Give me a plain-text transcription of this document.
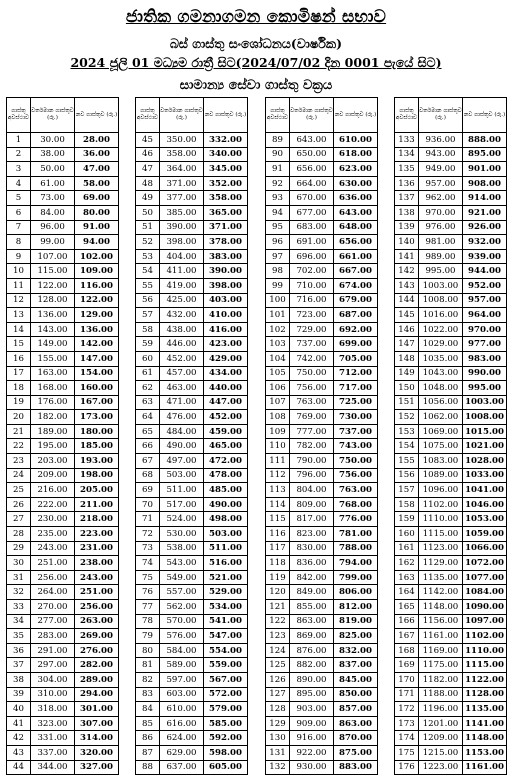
ජාතික ගමනාගමන කොමිෂන් සභාව
බස් ගාස්තු සංශෝධනය(වාර්ෂික)
2024 ජූලි 01 මධ්‍යම රාත්‍රී සිට(2024/07/02 දින 0001 පැයේ සිට)
සාමාන්‍ය සේවා ගාස්තු වක්‍රය
ගාස්තු අවස්ථාව	වර්තමාන ගාස්තුව (රු.)	නව ගාස්තුව (රු.)
1	30.00	28.00
2	38.00	36.00
3	50.00	47.00
4	61.00	58.00
5	73.00	69.00
6	84.00	80.00
7	96.00	91.00
8	99.00	94.00
9	107.00	102.00
10	115.00	109.00
11	122.00	116.00
12	128.00	122.00
13	136.00	129.00
14	143.00	136.00
15	149.00	142.00
16	155.00	147.00
17	163.00	154.00
18	168.00	160.00
19	176.00	167.00
20	182.00	173.00
21	189.00	180.00
22	195.00	185.00
23	203.00	193.00
24	209.00	198.00
25	216.00	205.00
26	222.00	211.00
27	230.00	218.00
28	235.00	223.00
29	243.00	231.00
30	251.00	238.00
31	256.00	243.00
32	264.00	251.00
33	270.00	256.00
34	277.00	263.00
35	283.00	269.00
36	291.00	276.00
37	297.00	282.00
38	304.00	289.00
39	310.00	294.00
40	318.00	301.00
41	323.00	307.00
42	331.00	314.00
43	337.00	320.00
44	344.00	327.00
ගාස්තු අවස්ථාව	වර්තමාන ගාස්තුව (රු.)	නව ගාස්තුව (රු.)
45	350.00	332.00
46	358.00	340.00
47	364.00	345.00
48	371.00	352.00
49	377.00	358.00
50	385.00	365.00
51	390.00	371.00
52	398.00	378.00
53	404.00	383.00
54	411.00	390.00
55	419.00	398.00
56	425.00	403.00
57	432.00	410.00
58	438.00	416.00
59	446.00	423.00
60	452.00	429.00
61	457.00	434.00
62	463.00	440.00
63	471.00	447.00
64	476.00	452.00
65	484.00	459.00
66	490.00	465.00
67	497.00	472.00
68	503.00	478.00
69	511.00	485.00
70	517.00	490.00
71	524.00	498.00
72	530.00	503.00
73	538.00	511.00
74	543.00	516.00
75	549.00	521.00
76	557.00	529.00
77	562.00	534.00
78	570.00	541.00
79	576.00	547.00
80	584.00	554.00
81	589.00	559.00
82	597.00	567.00
83	603.00	572.00
84	610.00	579.00
85	616.00	585.00
86	624.00	592.00
87	629.00	598.00
88	637.00	605.00
ගාස්තු අවස්ථාව	වර්තමාන ගාස්තුව (රු.)	නව ගාස්තුව (රු.)
89	643.00	610.00
90	650.00	618.00
91	656.00	623.00
92	664.00	630.00
93	670.00	636.00
94	677.00	643.00
95	683.00	648.00
96	691.00	656.00
97	696.00	661.00
98	702.00	667.00
99	710.00	674.00
100	716.00	679.00
101	723.00	687.00
102	729.00	692.00
103	737.00	699.00
104	742.00	705.00
105	750.00	712.00
106	756.00	717.00
107	763.00	725.00
108	769.00	730.00
109	777.00	737.00
110	782.00	743.00
111	790.00	750.00
112	796.00	756.00
113	804.00	763.00
114	809.00	768.00
115	817.00	776.00
116	823.00	781.00
117	830.00	788.00
118	836.00	794.00
119	842.00	799.00
120	849.00	806.00
121	855.00	812.00
122	863.00	819.00
123	869.00	825.00
124	876.00	832.00
125	882.00	837.00
126	890.00	845.00
127	895.00	850.00
128	903.00	857.00
129	909.00	863.00
130	916.00	870.00
131	922.00	875.00
132	930.00	883.00
ගාස්තු අවස්ථාව	වර්තමාන ගාස්තුව (රු.)	නව ගාස්තුව (රු.)
133	936.00	888.00
134	943.00	895.00
135	949.00	901.00
136	957.00	908.00
137	962.00	914.00
138	970.00	921.00
139	976.00	926.00
140	981.00	932.00
141	989.00	939.00
142	995.00	944.00
143	1003.00	952.00
144	1008.00	957.00
145	1016.00	964.00
146	1022.00	970.00
147	1029.00	977.00
148	1035.00	983.00
149	1043.00	990.00
150	1048.00	995.00
151	1056.00	1003.00
152	1062.00	1008.00
153	1069.00	1015.00
154	1075.00	1021.00
155	1083.00	1028.00
156	1089.00	1033.00
157	1096.00	1041.00
158	1102.00	1046.00
159	1110.00	1053.00
160	1115.00	1059.00
161	1123.00	1066.00
162	1129.00	1072.00
163	1135.00	1077.00
164	1142.00	1084.00
165	1148.00	1090.00
166	1156.00	1097.00
167	1161.00	1102.00
168	1169.00	1110.00
169	1175.00	1115.00
170	1182.00	1122.00
171	1188.00	1128.00
172	1196.00	1135.00
173	1201.00	1141.00
174	1209.00	1148.00
175	1215.00	1153.00
176	1223.00	1161.00
